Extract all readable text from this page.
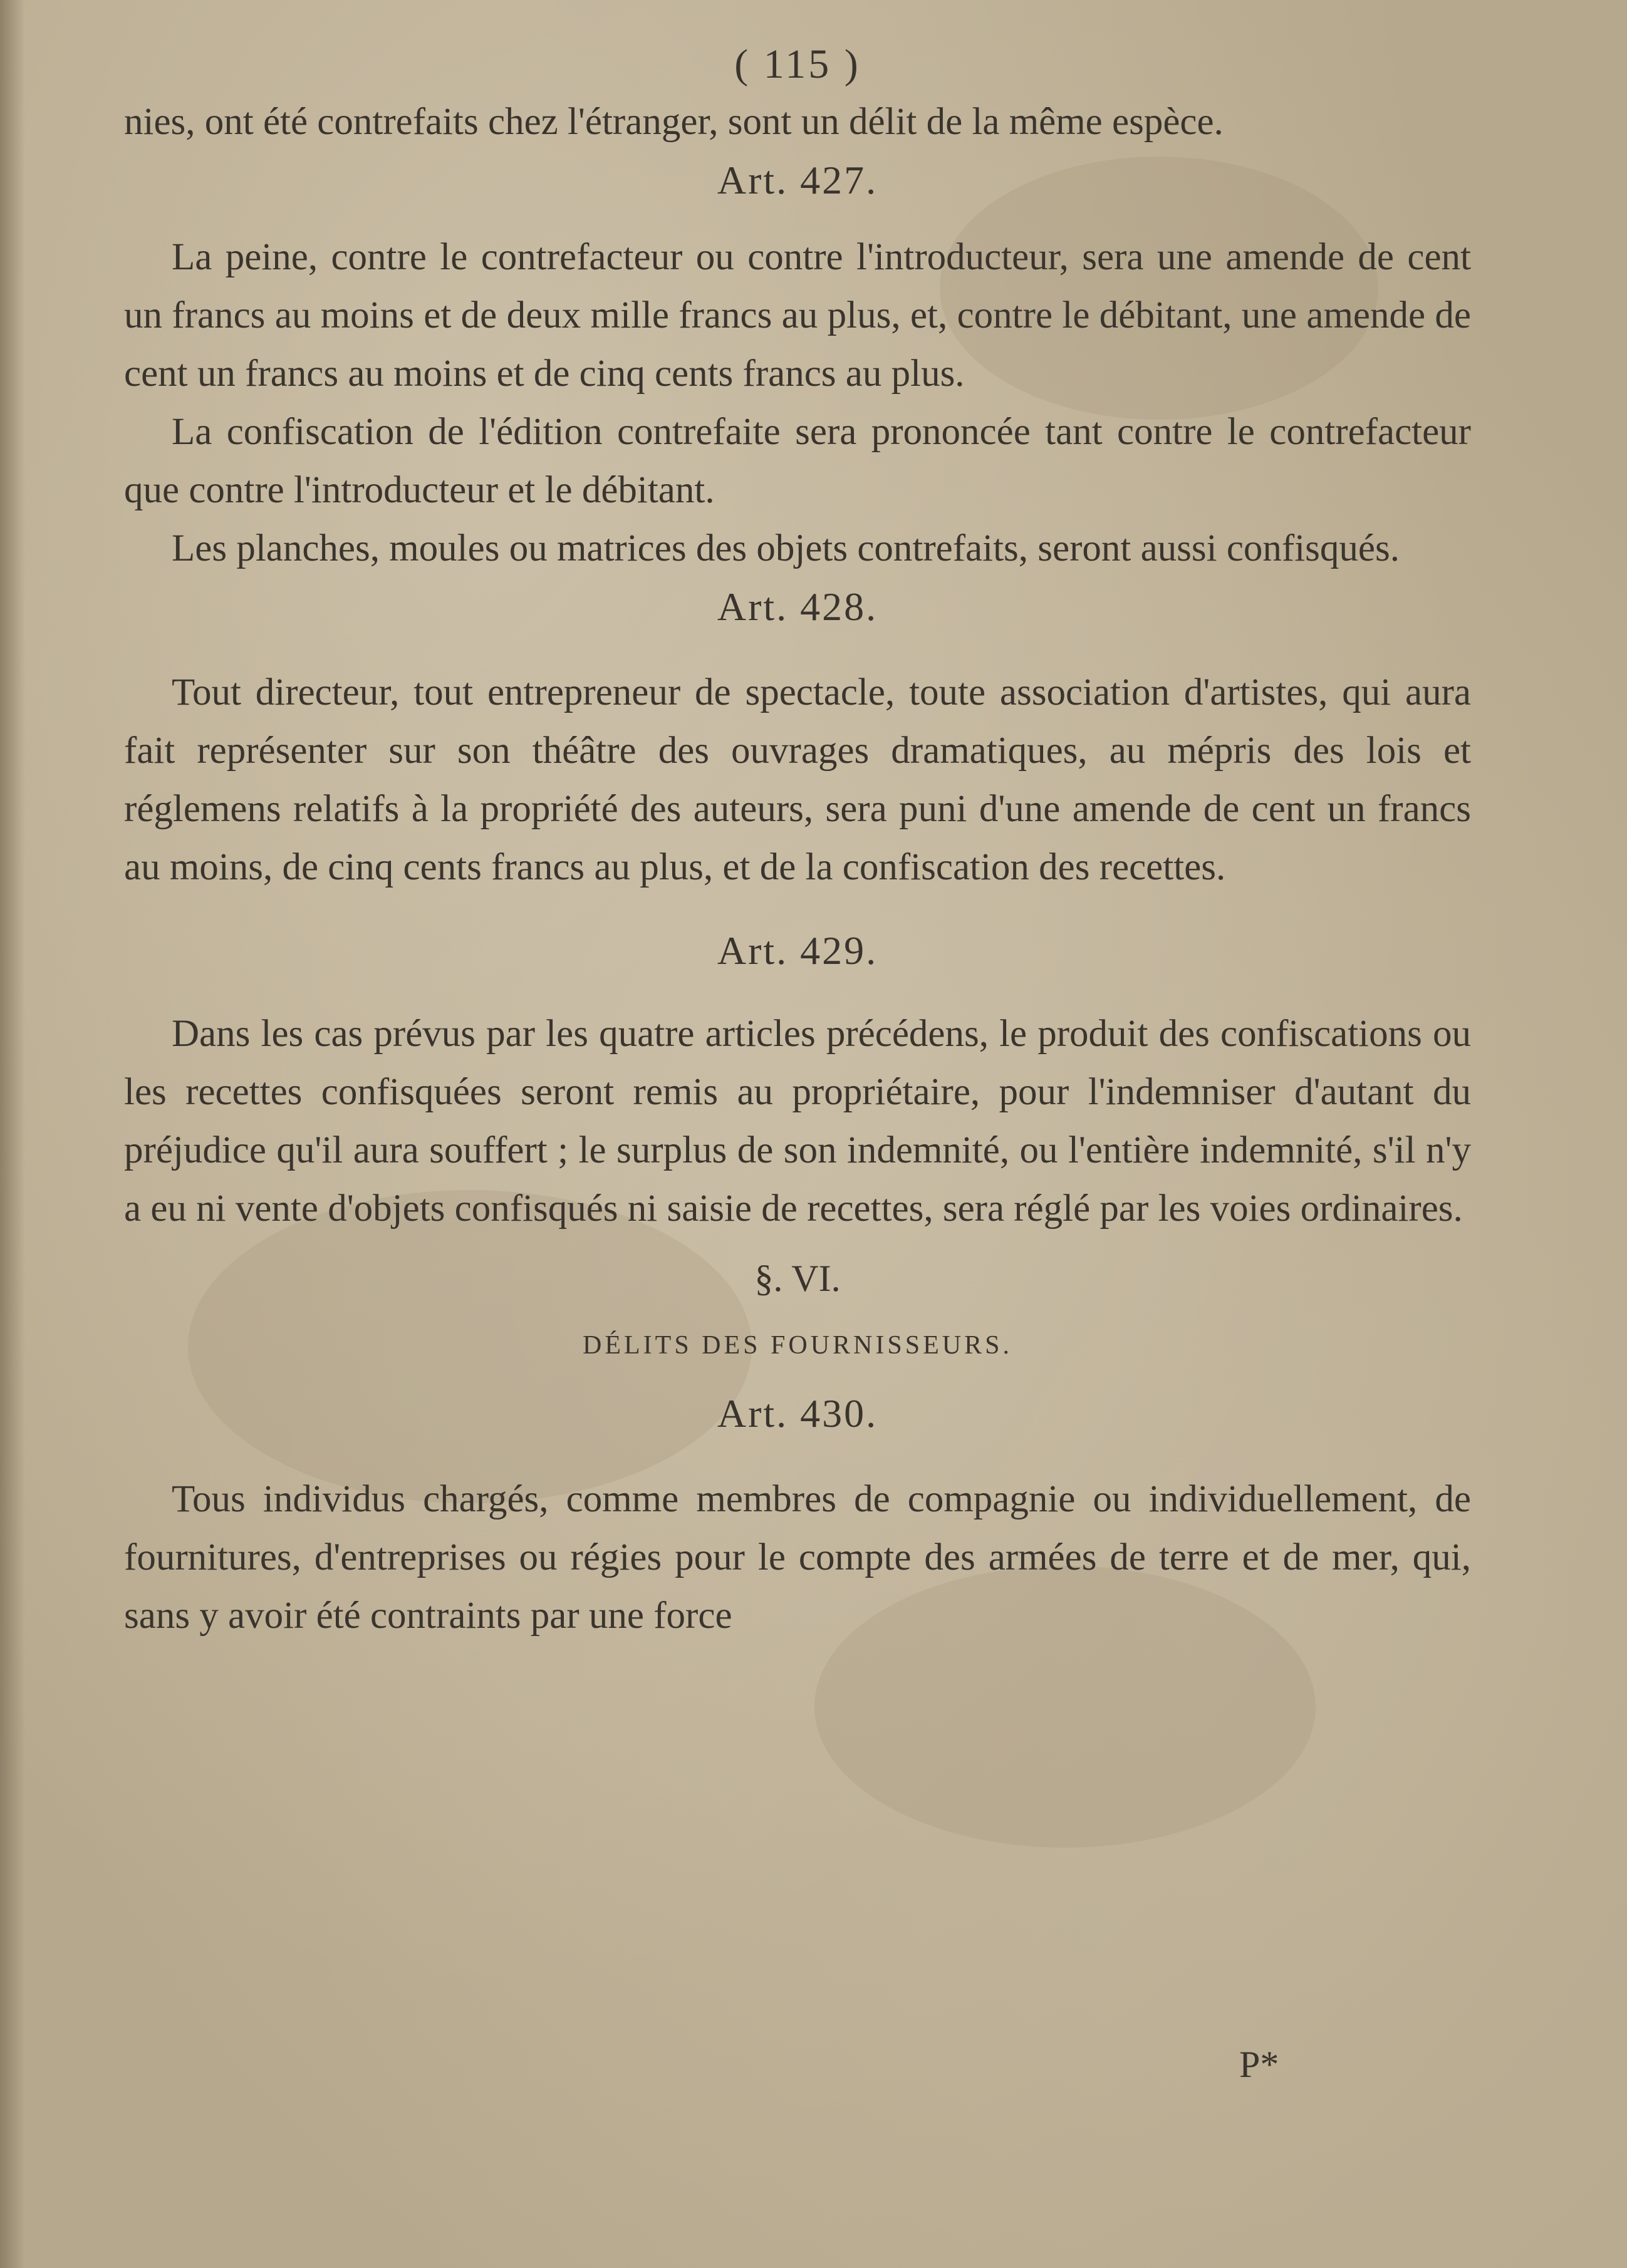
( 115 )

nies, ont été contrefaits chez l'étranger, sont un délit de la même espèce.

Art. 427.

La peine, contre le contrefacteur ou contre l'introducteur, sera une amende de cent un francs au moins et de deux mille francs au plus, et, contre le débitant, une amende de cent un francs au moins et de cinq cents francs au plus.

La confiscation de l'édition contrefaite sera prononcée tant contre le contrefacteur que contre l'introducteur et le débitant.

Les planches, moules ou matrices des objets contrefaits, seront aussi confisqués.

Art. 428.

Tout directeur, tout entrepreneur de spectacle, toute association d'artistes, qui aura fait représenter sur son théâtre des ouvrages dramatiques, au mépris des lois et réglemens relatifs à la propriété des auteurs, sera puni d'une amende de cent un francs au moins, de cinq cents francs au plus, et de la confiscation des recettes.

Art. 429.

Dans les cas prévus par les quatre articles précédens, le produit des confiscations ou les recettes confisquées seront remis au propriétaire, pour l'indemniser d'autant du préjudice qu'il aura souffert ; le surplus de son indemnité, ou l'entière indemnité, s'il n'y a eu ni vente d'objets confisqués ni saisie de recettes, sera réglé par les voies ordinaires.

§. VI.
DÉLITS DES FOURNISSEURS.
Art. 430.

Tous individus chargés, comme membres de compagnie ou individuellement, de fournitures, d'entreprises ou régies pour le compte des armées de terre et de mer, qui, sans y avoir été contraints par une force

P*
